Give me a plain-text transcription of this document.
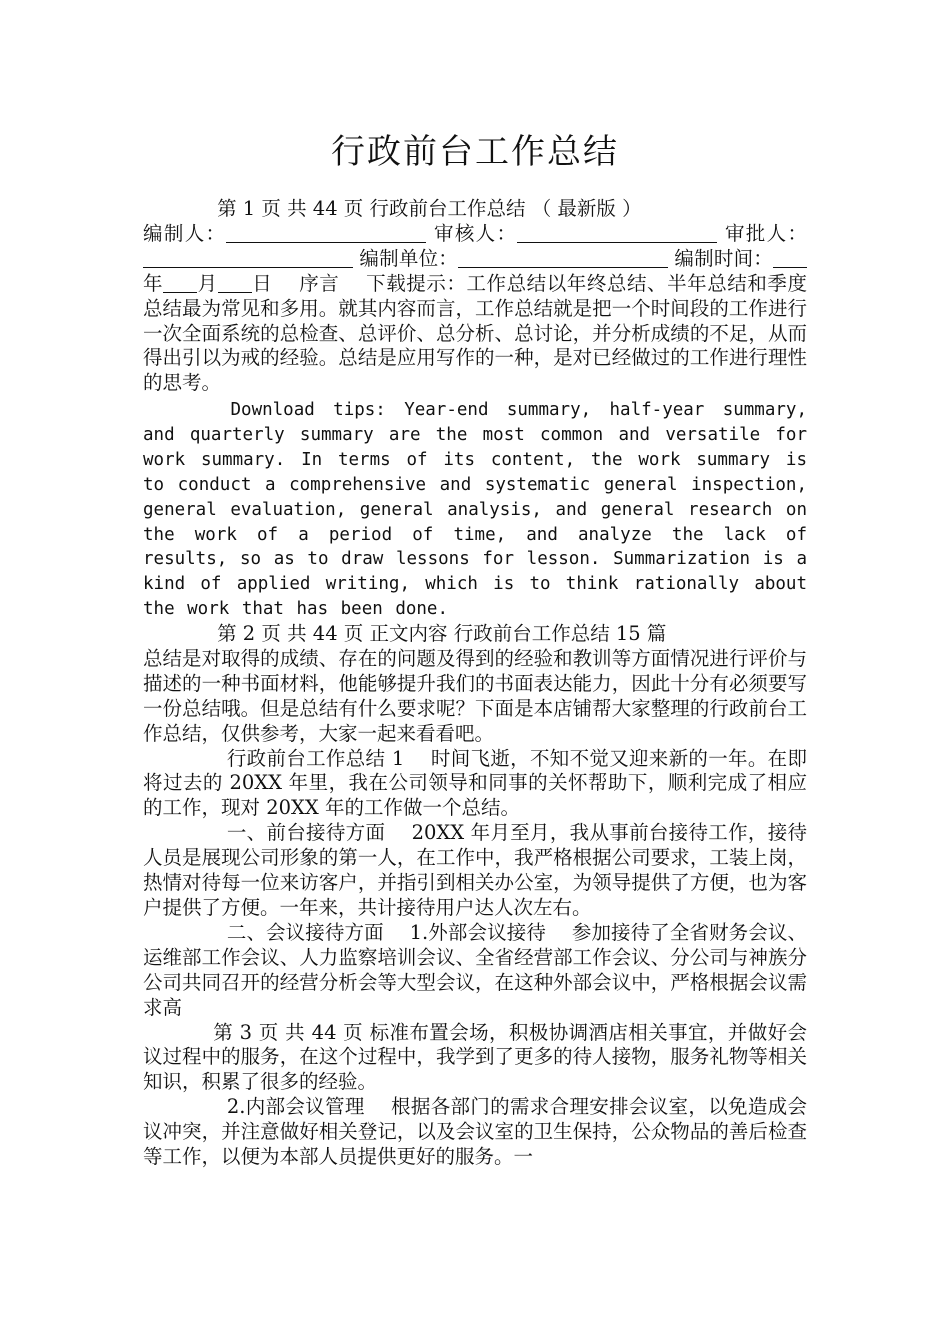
行政前台工作总结

第 1 页 共 44 页 行政前台工作总结 （ 最新版 ）

编制人：	审核人：	审批人： 编制单位：	编制时间：年 月 日　 序言　 下载提示：工作总结以年终总结、半年总结和季度总结最为常见和多用。就其内容而言，工作总结就是把一个时间段的工作进行一次全面系统的总检查、总评价、总分析、总讨论，并分析成绩的不足，从而得出引以为戒的经验。总结是应用写作的一种，是对已经做过的工作进行理性的思考。

Download tips: Year-end summary, half-year summary, and quarterly summary are the most common and versatile for work summary. In terms of its content, the work summary is to conduct a comprehensive and systematic general inspection, general evaluation, general analysis, and general research on the work of a period of time, and analyze the lack of results, so as to draw lessons for lesson. Summarization is a kind of applied writing, which is to think rationally about the work that has been done.

第 2 页 共 44 页 正文内容 行政前台工作总结 15 篇

总结是对取得的成绩、存在的问题及得到的经验和教训等方面情况进行评价与描述的一种书面材料，他能够提升我们的书面表达能力，因此十分有必须要写一份总结哦。但是总结有什么要求呢？下面是本店铺帮大家整理的行政前台工作总结，仅供参考，大家一起来看看吧。

行政前台工作总结 1　 时间飞逝，不知不觉又迎来新的一年。在即将过去的 20XX 年里，我在公司领导和同事的关怀帮助下，顺利完成了相应的工作，现对 20XX 年的工作做一个总结。

一、前台接待方面　 20XX 年月至月，我从事前台接待工作，接待人员是展现公司形象的第一人，在工作中，我严格根据公司要求，工装上岗，热情对待每一位来访客户，并指引到相关办公室，为领导提供了方便，也为客户提供了方便。一年来，共计接待用户达人次左右。

二、会议接待方面　 1.外部会议接待　 参加接待了全省财务会议、运维部工作会议、人力监察培训会议、全省经营部工作会议、分公司与神族分公司共同召开的经营分析会等大型会议，在这种外部会议中，严格根据会议需求高

第 3 页 共 44 页 标准布置会场，积极协调酒店相关事宜，并做好会议过程中的服务，在这个过程中，我学到了更多的待人接物，服务礼物等相关知识，积累了很多的经验。

2.内部会议管理　 根据各部门的需求合理安排会议室，以免造成会议冲突，并注意做好相关登记，以及会议室的卫生保持，公众物品的善后检查等工作，以便为本部人员提供更好的服务。一
